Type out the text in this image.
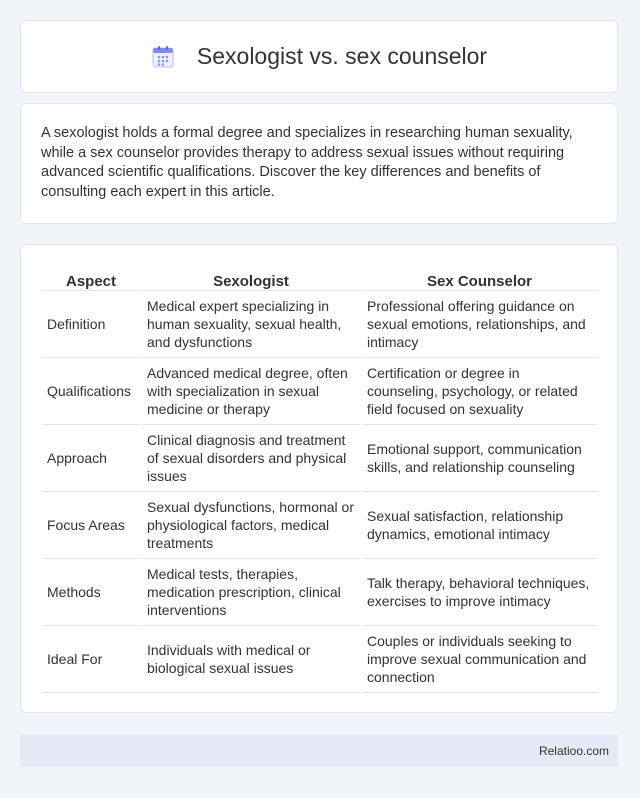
Sexologist vs. sex counselor

A sexologist holds a formal degree and specializes in researching human sexuality, while a sex counselor provides therapy to address sexual issues without requiring advanced scientific qualifications. Discover the key differences and benefits of consulting each expert in this article.

Aspect	Sexologist	Sex Counselor
Definition	Medical expert specializing in human sexuality, sexual health, and dysfunctions	Professional offering guidance on sexual emotions, relationships, and intimacy
Qualifications	Advanced medical degree, often with specialization in sexual medicine or therapy	Certification or degree in counseling, psychology, or related field focused on sexuality
Approach	Clinical diagnosis and treatment of sexual disorders and physical issues	Emotional support, communication skills, and relationship counseling
Focus Areas	Sexual dysfunctions, hormonal or physiological factors, medical treatments	Sexual satisfaction, relationship dynamics, emotional intimacy
Methods	Medical tests, therapies, medication prescription, clinical interventions	Talk therapy, behavioral techniques, exercises to improve intimacy
Ideal For	Individuals with medical or biological sexual issues	Couples or individuals seeking to improve sexual communication and connection
Relatioo.com
